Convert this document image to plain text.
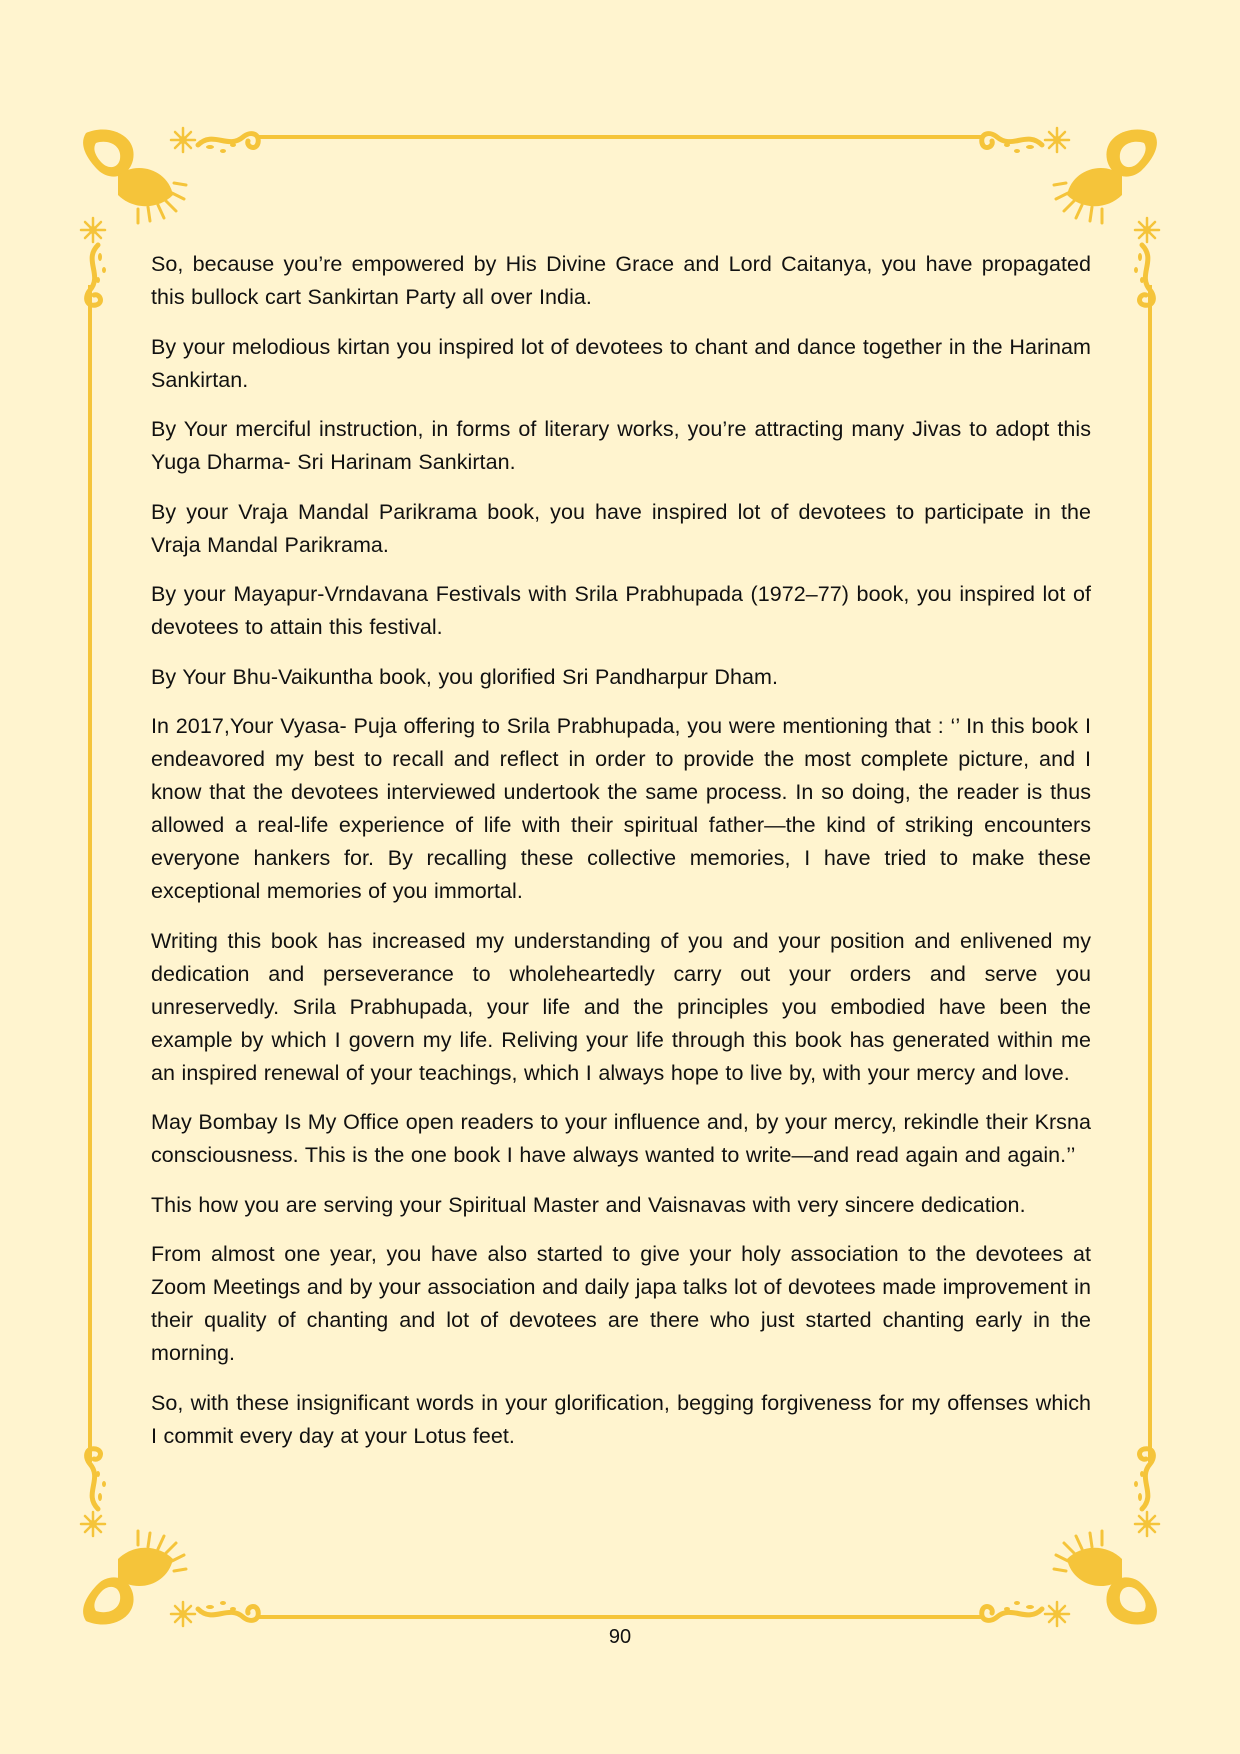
So, because you’re empowered by His Divine Grace and Lord Caitanya, you have propagated this bullock cart Sankirtan Party all over India.

By your melodious kirtan you inspired lot of devotees to chant and dance together in the Harinam Sankirtan.

By Your merciful instruction, in forms of literary works, you’re attracting many Jivas to adopt this Yuga Dharma- Sri Harinam Sankirtan.

By your Vraja Mandal Parikrama book, you have inspired lot of devotees to participate in the Vraja Mandal Parikrama.

By your Mayapur-Vrndavana Festivals with Srila Prabhupada (1972–77) book, you inspired lot of devotees to attain this festival.

By Your Bhu-Vaikuntha book, you glorified Sri Pandharpur Dham.

In 2017,Your Vyasa- Puja offering to Srila Prabhupada, you were mentioning that : ‘’ In this book I endeavored my best to recall and reflect in order to provide the most complete picture, and I know that the devotees interviewed undertook the same process. In so doing, the reader is thus allowed a real-life experience of life with their spiritual father—the kind of striking encounters everyone hankers for. By recalling these collective memories, I have tried to make these exceptional memories of you immortal.

Writing this book has increased my understanding of you and your position and enlivened my dedication and perseverance to wholeheartedly carry out your orders and serve you unreservedly. Srila Prabhupada, your life and the principles you embodied have been the example by which I govern my life. Reliving your life through this book has generated within me an inspired renewal of your teachings, which I always hope to live by, with your mercy and love.

May Bombay Is My Office open readers to your influence and, by your mercy, rekindle their Krsna consciousness. This is the one book I have always wanted to write—and read again and again.’’

This how you are serving your Spiritual Master and Vaisnavas with very sincere dedication.

From almost one year, you have also started to give your holy association to the devotees at Zoom Meetings and by your association and daily japa talks lot of devotees made improvement in their quality of chanting and lot of devotees are there who just started chanting early in the morning.

So, with these insignificant words in your glorification, begging forgiveness for my offenses which I commit every day at your Lotus feet.

90
